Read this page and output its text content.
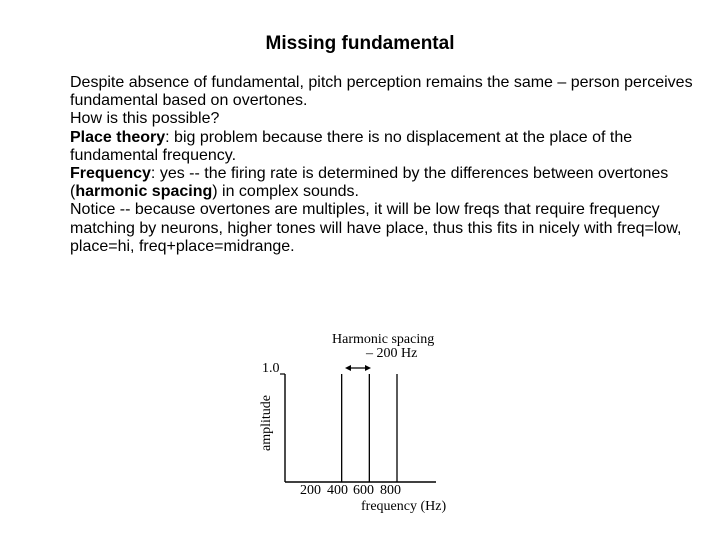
Missing fundamental

Despite absence of fundamental, pitch perception remains the same – person perceives fundamental based on overtones.

How is this possible?

Place theory: big problem because there is no displacement at the place of the fundamental frequency.

Frequency: yes -- the firing rate is determined by the differences between overtones (harmonic spacing) in complex sounds.

Notice -- because overtones are multiples, it will be low freqs that require frequency matching by neurons, higher tones will have place, thus this fits in nicely with freq=low, place=hi, freq+place=midrange.

Harmonic spacing
– 200 Hz
1.0
amplitude
200 400 600 800
frequency (Hz)
